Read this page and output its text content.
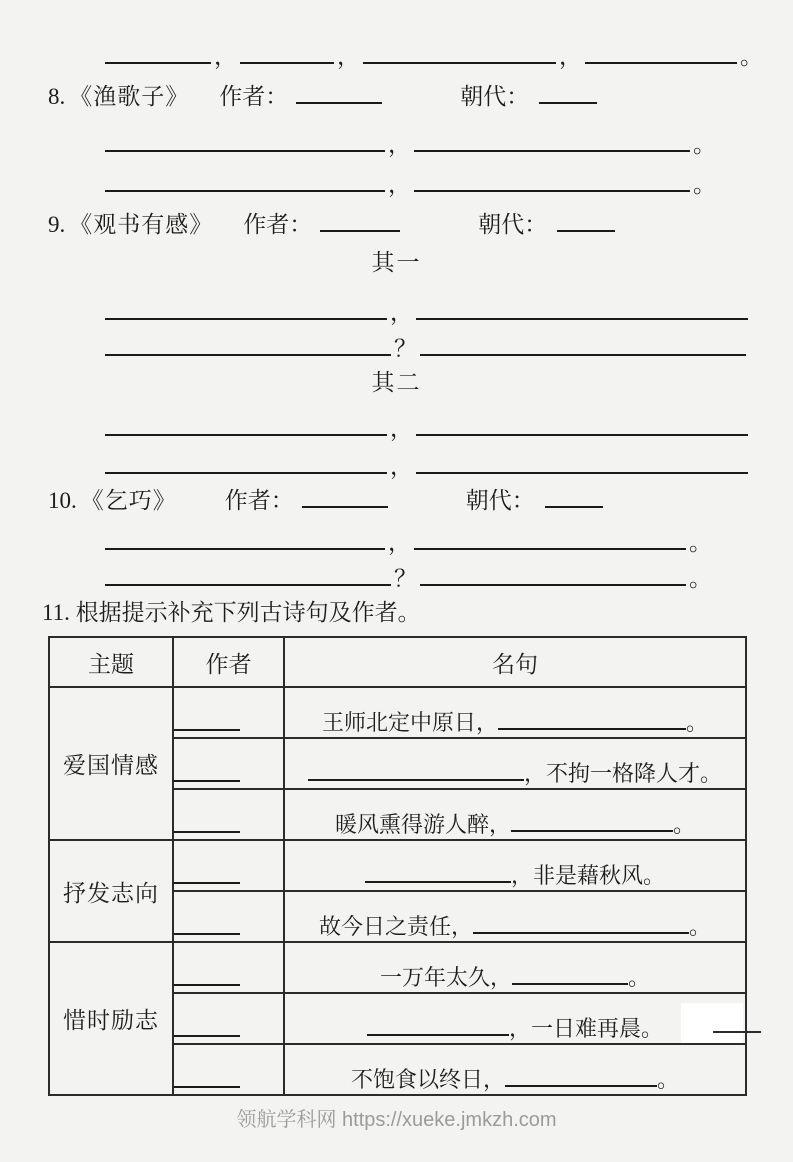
，	，	，	。
8. 《渔歌子》 作者：	朝代：
，	。
，	。
9. 《观书有感》 作者：	朝代：
其一
，
？
其二
，
，
10. 《乞巧》 作者：	朝代：
，	。
？	。
11. 根据提示补充下列古诗句及作者。
主题	作者	名句
爱国情感		王师北定中原日， 。
		，不拘一格降人才。
		暖风熏得游人醉， 。
抒发志向		，非是藉秋风。
		故今日之责任， 。
惜时励志		一万年太久， 。
		，一日难再晨。

		不饱食以终日， 。
领航学科网 https://xueke.jmkzh.com
